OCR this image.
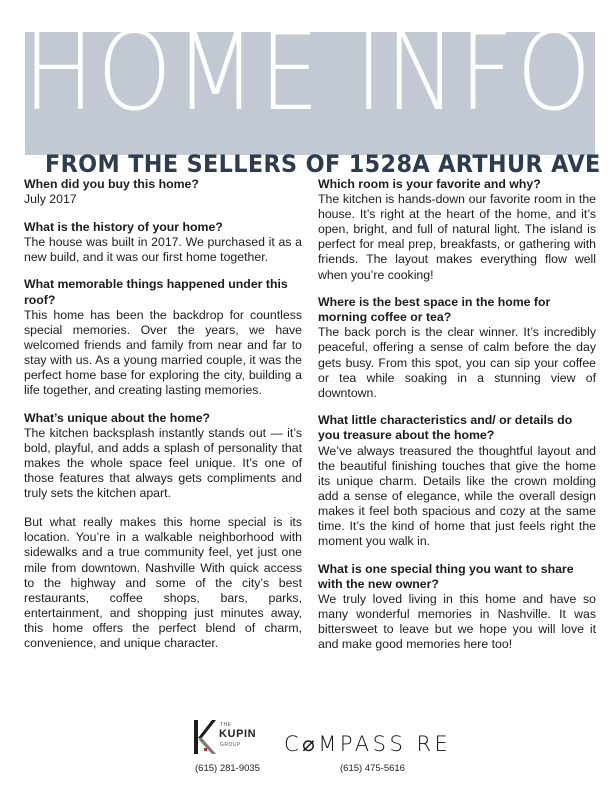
HOME INFO
FROM THE SELLERS OF 1528A ARTHUR AVE

When did you buy this home?

July 2017

What is the history of your home?

The house was built in 2017. We purchased it as a new build, and it was our first home together.

What memorable things happened under this roof?

This home has been the backdrop for countless special memories. Over the years, we have welcomed friends and family from near and far to stay with us. As a young married couple, it was the perfect home base for exploring the city, building a life together, and creating lasting memories.

What’s unique about the home?

The kitchen backsplash instantly stands out — it’s bold, playful, and adds a splash of personality that makes the whole space feel unique. It’s one of those features that always gets compliments and truly sets the kitchen apart.

But what really makes this home special is its location. You’re in a walkable neighborhood with sidewalks and a true community feel, yet just one mile from downtown. Nashville With quick access to the highway and some of the city’s best restaurants, coffee shops, bars, parks, entertainment, and shopping just minutes away, this home offers the perfect blend of charm, convenience, and unique character.

Which room is your favorite and why?

The kitchen is hands-down our favorite room in the house. It’s right at the heart of the home, and it’s open, bright, and full of natural light. The island is perfect for meal prep, breakfasts, or gathering with friends. The layout makes everything flow well when you’re cooking!

Where is the best space in the home for morning coffee or tea?

The back porch is the clear winner. It’s incredibly peaceful, offering a sense of calm before the day gets busy. From this spot, you can sip your coffee or tea while soaking in a stunning view of downtown.

What little characteristics and/ or details do you treasure about the home?

We’ve always treasured the thoughtful layout and the beautiful finishing touches that give the home its unique charm. Details like the crown molding add a sense of elegance, while the overall design makes it feel both spacious and cozy at the same time. It’s the kind of home that just feels right the moment you walk in.

What is one special thing you want to share with the new owner?

We truly loved living in this home and have so many wonderful memories in Nashville. It was bittersweet to leave but we hope you will love it and make good memories here too!

THE
KUPIN
GROUP C⌀MPASS RE
(615) 281-9035	(615) 475-5616
